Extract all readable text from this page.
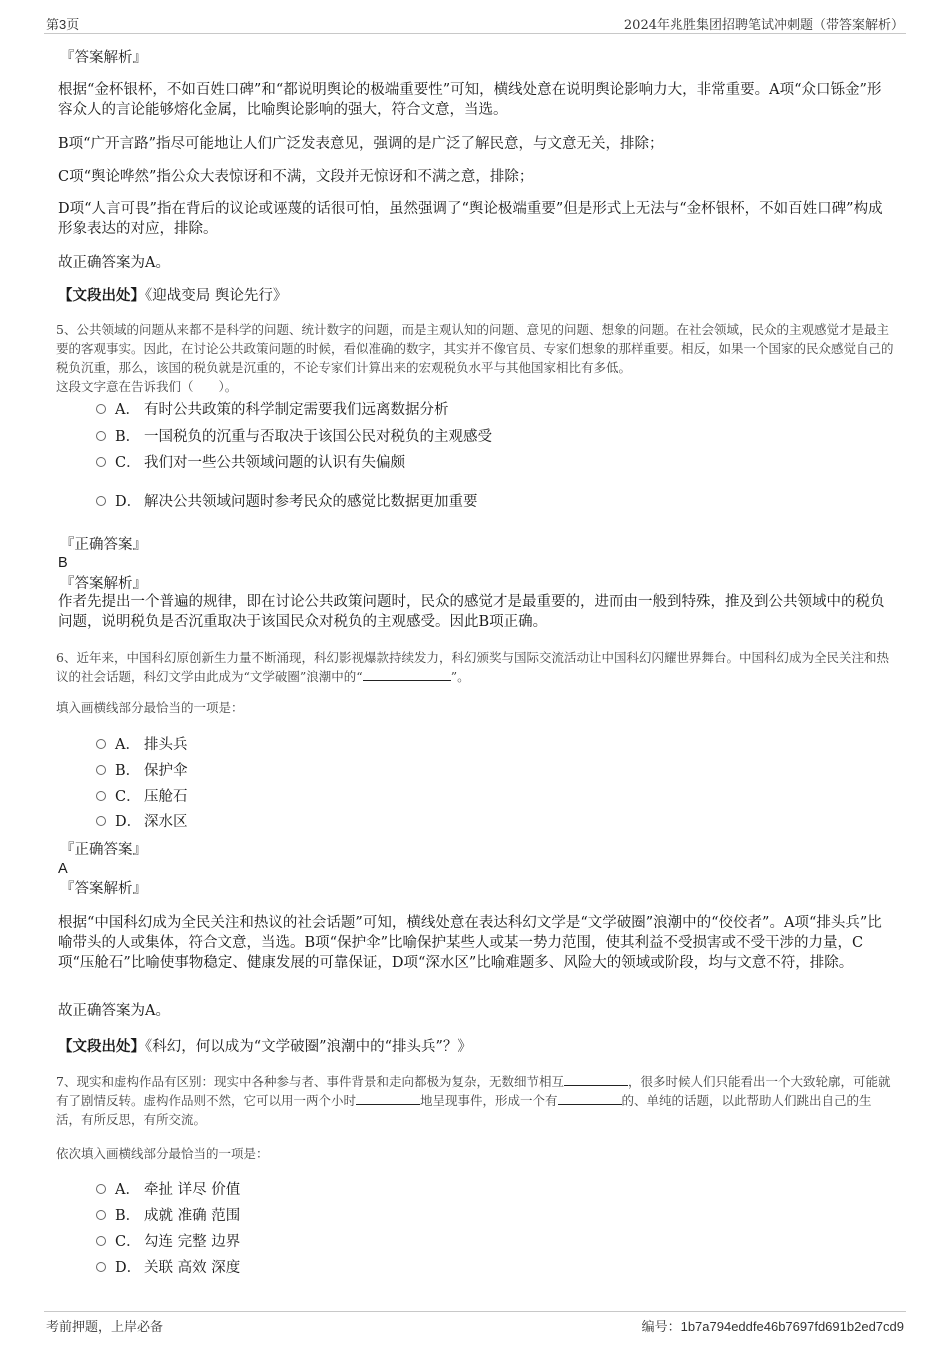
第3页	2024年兆胜集团招聘笔试冲刺题（带答案解析）
『答案解析』
根据“金杯银杯，不如百姓口碑”和“都说明舆论的极端重要性”可知，横线处意在说明舆论影响力大，非常重要。A项“众口铄金”形容众人的言论能够熔化金属，比喻舆论影响的强大，符合文意，当选。
B项“广开言路”指尽可能地让人们广泛发表意见，强调的是广泛了解民意，与文意无关，排除；
C项“舆论哗然”指公众大表惊讶和不满，文段并无惊讶和不满之意，排除；
D项“人言可畏”指在背后的议论或诬蔑的话很可怕，虽然强调了“舆论极端重要”但是形式上无法与“金杯银杯，不如百姓口碑”构成形象表达的对应，排除。
故正确答案为A。
【文段出处】《迎战变局 舆论先行》
5、公共领域的问题从来都不是科学的问题、统计数字的问题，而是主观认知的问题、意见的问题、想象的问题。在社会领域，民众的主观感觉才是最主要的客观事实。因此，在讨论公共政策问题的时候，看似准确的数字，其实并不像官员、专家们想象的那样重要。相反，如果一个国家的民众感觉自己的税负沉重，那么，该国的税负就是沉重的，不论专家们计算出来的宏观税负水平与其他国家相比有多低。
这段文字意在告诉我们（　　）。
A． 有时公共政策的科学制定需要我们远离数据分析
B． 一国税负的沉重与否取决于该国公民对税负的主观感受
C． 我们对一些公共领域问题的认识有失偏颇
D． 解决公共领域问题时参考民众的感觉比数据更加重要
『正确答案』
B
『答案解析』
作者先提出一个普遍的规律，即在讨论公共政策问题时，民众的感觉才是最重要的，进而由一般到特殊，推及到公共领域中的税负问题，说明税负是否沉重取决于该国民众对税负的主观感受。因此B项正确。
6、近年来，中国科幻原创新生力量不断涌现，科幻影视爆款持续发力，科幻颁奖与国际交流活动让中国科幻闪耀世界舞台。中国科幻成为全民关注和热议的社会话题，科幻文学由此成为“文学破圈”浪潮中的“	”。
填入画横线部分最恰当的一项是：
A． 排头兵
B． 保护伞
C． 压舱石
D． 深水区
『正确答案』
A
『答案解析』
根据“中国科幻成为全民关注和热议的社会话题”可知，横线处意在表达科幻文学是“文学破圈”浪潮中的“佼佼者”。A项“排头兵”比喻带头的人或集体，符合文意，当选。B项“保护伞”比喻保护某些人或某一势力范围，使其利益不受损害或不受干涉的力量，C项“压舱石”比喻使事物稳定、健康发展的可靠保证，D项“深水区”比喻难题多、风险大的领域或阶段，均与文意不符，排除。
故正确答案为A。
【文段出处】《科幻，何以成为“文学破圈”浪潮中的“排头兵”？》
7、现实和虚构作品有区别：现实中各种参与者、事件背景和走向都极为复杂，无数细节相互	，很多时候人们只能看出一个大致轮廓，可能就有了剧情反转。虚构作品则不然，它可以用一两个小时	地呈现事件，形成一个有	的、单纯的话题，以此帮助人们跳出自己的生活，有所反思，有所交流。
依次填入画横线部分最恰当的一项是：
A． 牵扯 详尽 价值
B． 成就 准确 范围
C． 勾连 完整 边界
D． 关联 高效 深度
考前押题，上岸必备	编号：1b7a794eddfe46b7697fd691b2ed7cd9
